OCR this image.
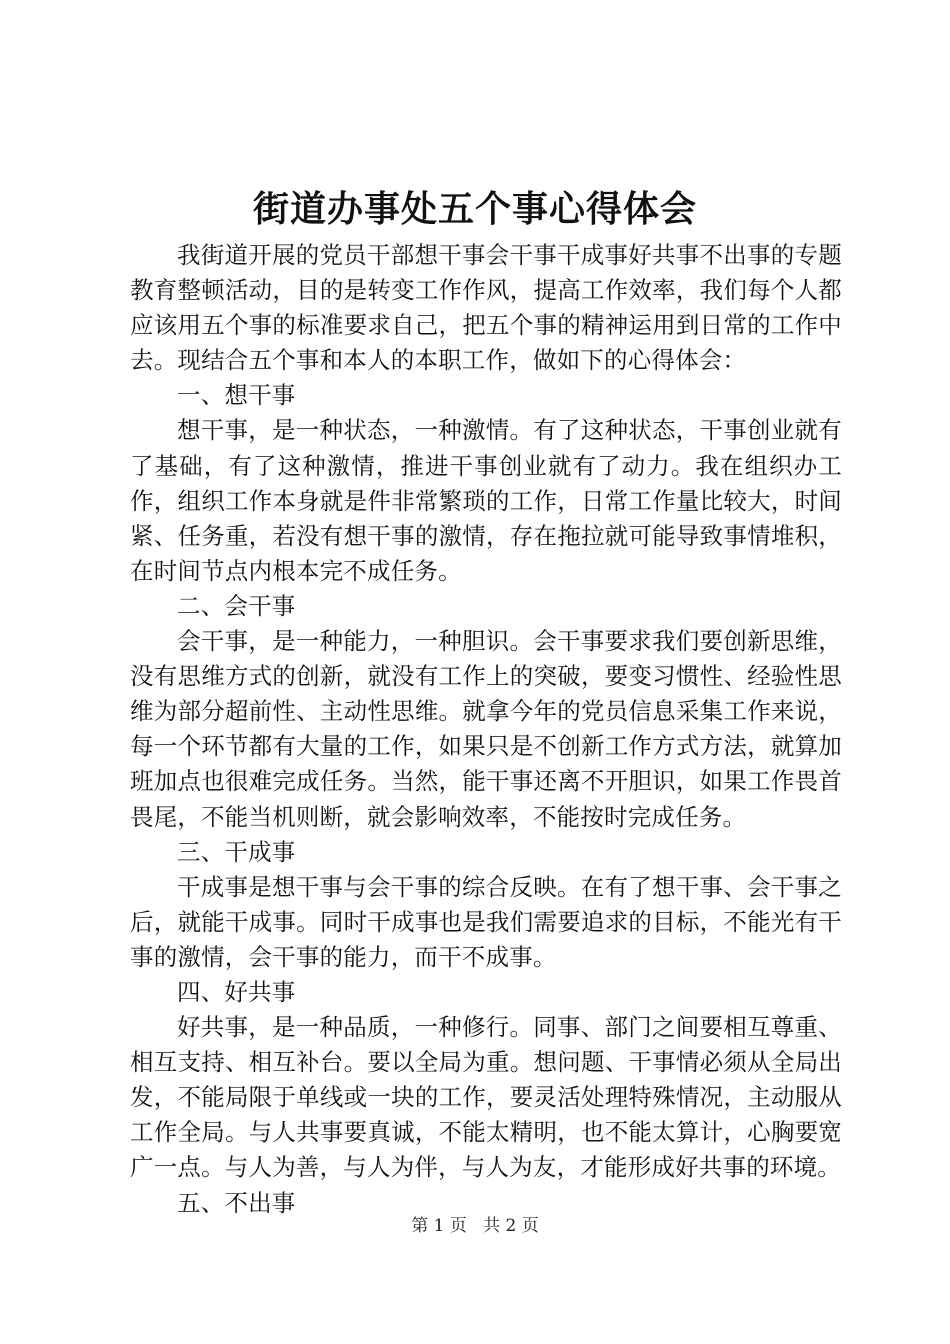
街道办事处五个事心得体会

我街道开展的党员干部想干事会干事干成事好共事不出事的专题教育整顿活动，目的是转变工作作风，提高工作效率，我们每个人都应该用五个事的标准要求自己，把五个事的精神运用到日常的工作中去。现结合五个事和本人的本职工作，做如下的心得体会：

一、想干事

想干事，是一种状态，一种激情。有了这种状态，干事创业就有了基础，有了这种激情，推进干事创业就有了动力。我在组织办工作，组织工作本身就是件非常繁琐的工作，日常工作量比较大，时间紧、任务重，若没有想干事的激情，存在拖拉就可能导致事情堆积，在时间节点内根本完不成任务。

二、会干事

会干事，是一种能力，一种胆识。会干事要求我们要创新思维，没有思维方式的创新，就没有工作上的突破，要变习惯性、经验性思维为部分超前性、主动性思维。就拿今年的党员信息采集工作来说，每一个环节都有大量的工作，如果只是不创新工作方式方法，就算加班加点也很难完成任务。当然，能干事还离不开胆识，如果工作畏首畏尾，不能当机则断，就会影响效率，不能按时完成任务。

三、干成事

干成事是想干事与会干事的综合反映。在有了想干事、会干事之后，就能干成事。同时干成事也是我们需要追求的目标，不能光有干事的激情，会干事的能力，而干不成事。

四、好共事

好共事，是一种品质，一种修行。同事、部门之间要相互尊重、相互支持、相互补台。要以全局为重。想问题、干事情必须从全局出发，不能局限于单线或一块的工作，要灵活处理特殊情况，主动服从工作全局。与人共事要真诚，不能太精明，也不能太算计，心胸要宽广一点。与人为善，与人为伴，与人为友，才能形成好共事的环境。

五、不出事
第 1 页 共 2 页
